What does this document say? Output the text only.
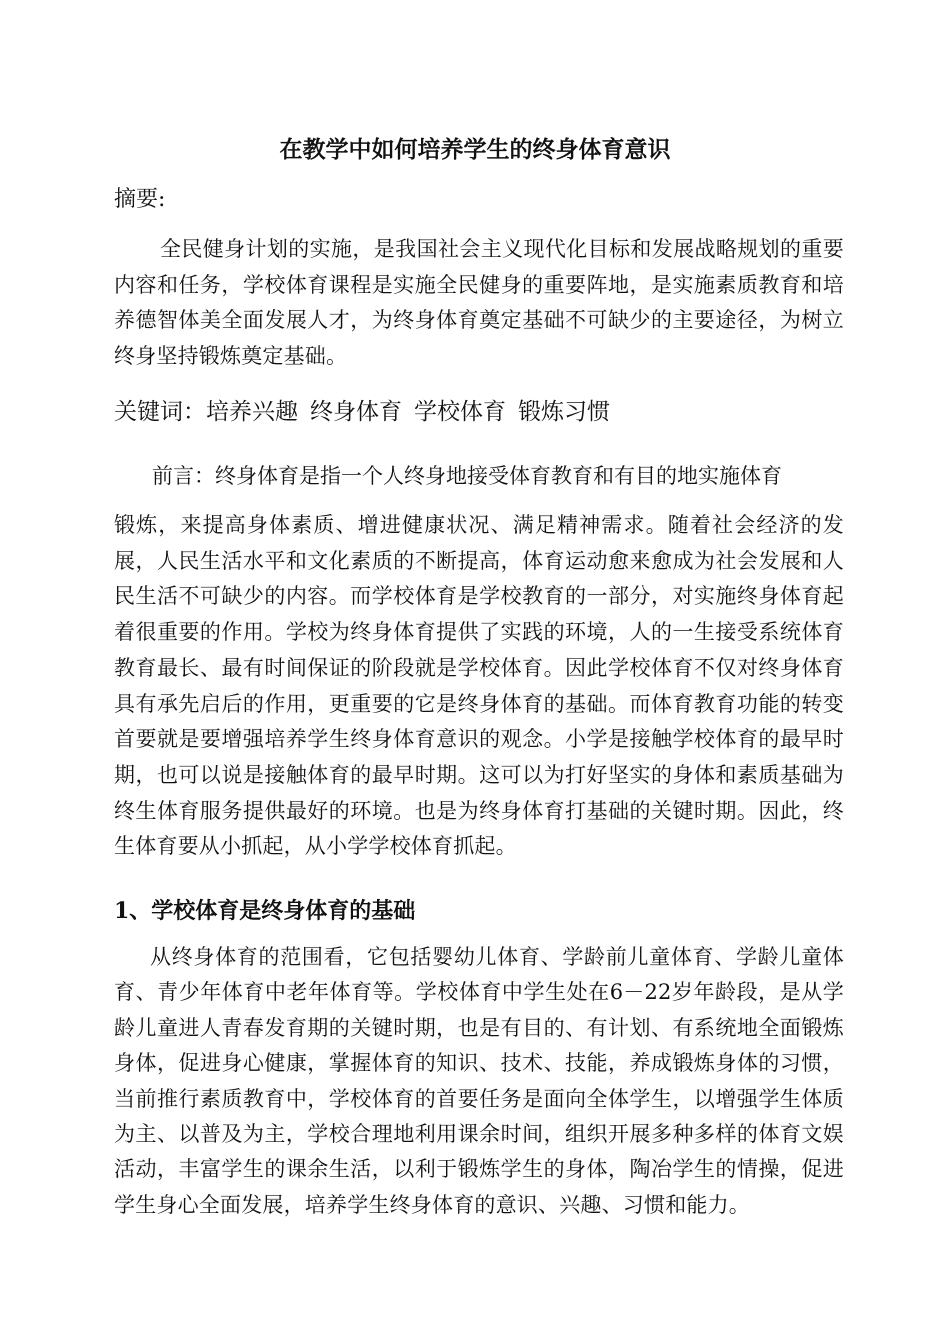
在教学中如何培养学生的终身体育意识
摘要:
全民健身计划的实施，是我国社会主义现代化目标和发展战略规划的重要内容和任务，学校体育课程是实施全民健身的重要阵地，是实施素质教育和培养德智体美全面发展人才，为终身体育奠定基础不可缺少的主要途径，为树立终身坚持锻炼奠定基础。
关键词：培养兴趣 终身体育 学校体育 锻炼习惯
前言：终身体育是指一个人终身地接受体育教育和有目的地实施体育
锻炼，来提高身体素质、增进健康状况、满足精神需求。随着社会经济的发展，人民生活水平和文化素质的不断提高，体育运动愈来愈成为社会发展和人民生活不可缺少的内容。而学校体育是学校教育的一部分，对实施终身体育起着很重要的作用。学校为终身体育提供了实践的环境，人的一生接受系统体育教育最长、最有时间保证的阶段就是学校体育。因此学校体育不仅对终身体育具有承先启后的作用，更重要的它是终身体育的基础。而体育教育功能的转变首要就是要增强培养学生终身体育意识的观念。小学是接触学校体育的最早时期，也可以说是接触体育的最早时期。这可以为打好坚实的身体和素质基础为终生体育服务提供最好的环境。也是为终身体育打基础的关键时期。因此，终生体育要从小抓起，从小学学校体育抓起。
1、学校体育是终身体育的基础
从终身体育的范围看，它包括婴幼儿体育、学龄前儿童体育、学龄儿童体育、青少年体育中老年体育等。学校体育中学生处在6－22岁年龄段，是从学龄儿童进人青春发育期的关键时期，也是有目的、有计划、有系统地全面锻炼身体，促进身心健康，掌握体育的知识、技术、技能，养成锻炼身体的习惯，当前推行素质教育中，学校体育的首要任务是面向全体学生，以增强学生体质为主、以普及为主，学校合理地利用课余时间，组织开展多种多样的体育文娱活动，丰富学生的课余生活，以利于锻炼学生的身体，陶冶学生的情操，促进学生身心全面发展，培养学生终身体育的意识、兴趣、习惯和能力。
